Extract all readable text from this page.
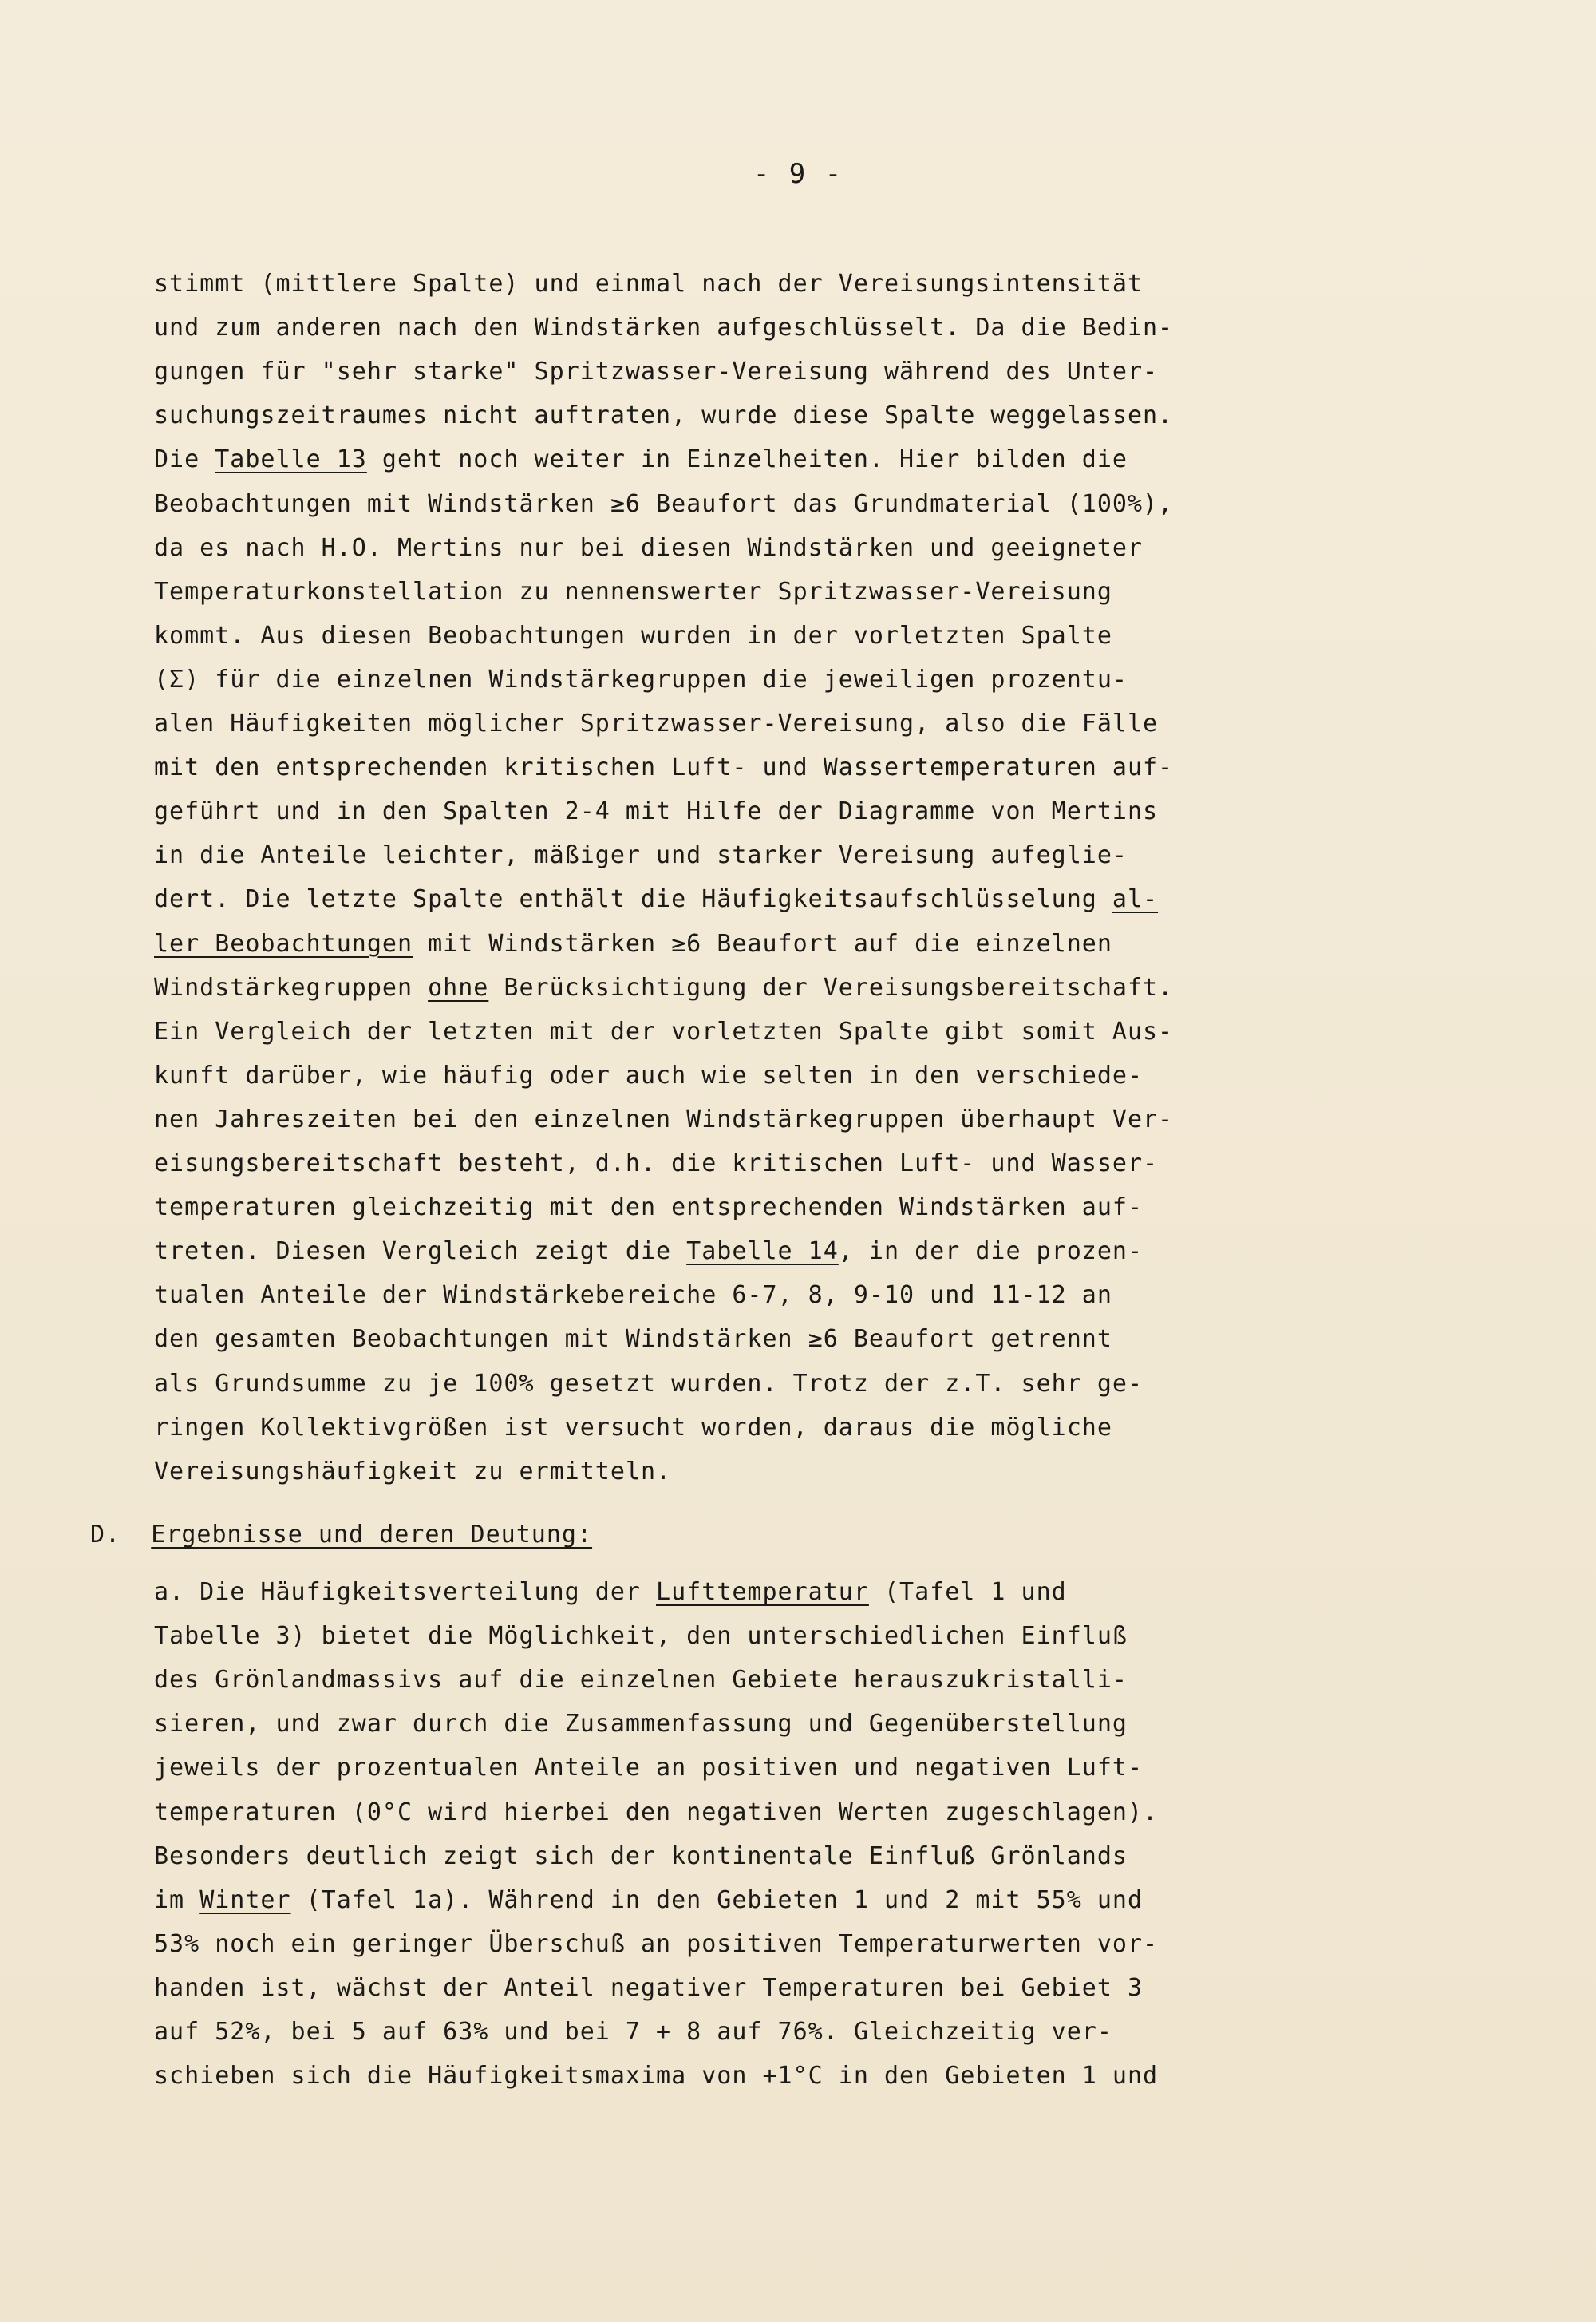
- 9 -
stimmt (mittlere Spalte) und einmal nach der Vereisungsintensität
und zum anderen nach den Windstärken aufgeschlüsselt. Da die Bedin-
gungen für "sehr starke" Spritzwasser-Vereisung während des Unter-
suchungszeitraumes nicht auftraten, wurde diese Spalte weggelassen.
Die Tabelle 13 geht noch weiter in Einzelheiten. Hier bilden die
Beobachtungen mit Windstärken ≥6 Beaufort das Grundmaterial (100%),
da es nach H.O. Mertins nur bei diesen Windstärken und geeigneter
Temperaturkonstellation zu nennenswerter Spritzwasser-Vereisung
kommt. Aus diesen Beobachtungen wurden in der vorletzten Spalte
(Σ) für die einzelnen Windstärkegruppen die jeweiligen prozentu-
alen Häufigkeiten möglicher Spritzwasser-Vereisung, also die Fälle
mit den entsprechenden kritischen Luft- und Wassertemperaturen auf-
geführt und in den Spalten 2-4 mit Hilfe der Diagramme von Mertins
in die Anteile leichter, mäßiger und starker Vereisung aufeglie-
dert. Die letzte Spalte enthält die Häufigkeitsaufschlüsselung al-
ler Beobachtungen mit Windstärken ≥6 Beaufort auf die einzelnen
Windstärkegruppen ohne Berücksichtigung der Vereisungsbereitschaft.
Ein Vergleich der letzten mit der vorletzten Spalte gibt somit Aus-
kunft darüber, wie häufig oder auch wie selten in den verschiede-
nen Jahreszeiten bei den einzelnen Windstärkegruppen überhaupt Ver-
eisungsbereitschaft besteht, d.h. die kritischen Luft- und Wasser-
temperaturen gleichzeitig mit den entsprechenden Windstärken auf-
treten. Diesen Vergleich zeigt die Tabelle 14, in der die prozen-
tualen Anteile der Windstärkebereiche 6-7, 8, 9-10 und 11-12 an
den gesamten Beobachtungen mit Windstärken ≥6 Beaufort getrennt
als Grundsumme zu je 100% gesetzt wurden. Trotz der z.T. sehr ge-
ringen Kollektivgrößen ist versucht worden, daraus die mögliche
Vereisungshäufigkeit zu ermitteln.
D. Ergebnisse und deren Deutung:
a. Die Häufigkeitsverteilung der Lufttemperatur (Tafel 1 und
Tabelle 3) bietet die Möglichkeit, den unterschiedlichen Einfluß
des Grönlandmassivs auf die einzelnen Gebiete herauszukristalli-
sieren, und zwar durch die Zusammenfassung und Gegenüberstellung
jeweils der prozentualen Anteile an positiven und negativen Luft-
temperaturen (0°C wird hierbei den negativen Werten zugeschlagen).
Besonders deutlich zeigt sich der kontinentale Einfluß Grönlands
im Winter (Tafel 1a). Während in den Gebieten 1 und 2 mit 55% und
53% noch ein geringer Überschuß an positiven Temperaturwerten vor-
handen ist, wächst der Anteil negativer Temperaturen bei Gebiet 3
auf 52%, bei 5 auf 63% und bei 7 + 8 auf 76%. Gleichzeitig ver-
schieben sich die Häufigkeitsmaxima von +1°C in den Gebieten 1 und
